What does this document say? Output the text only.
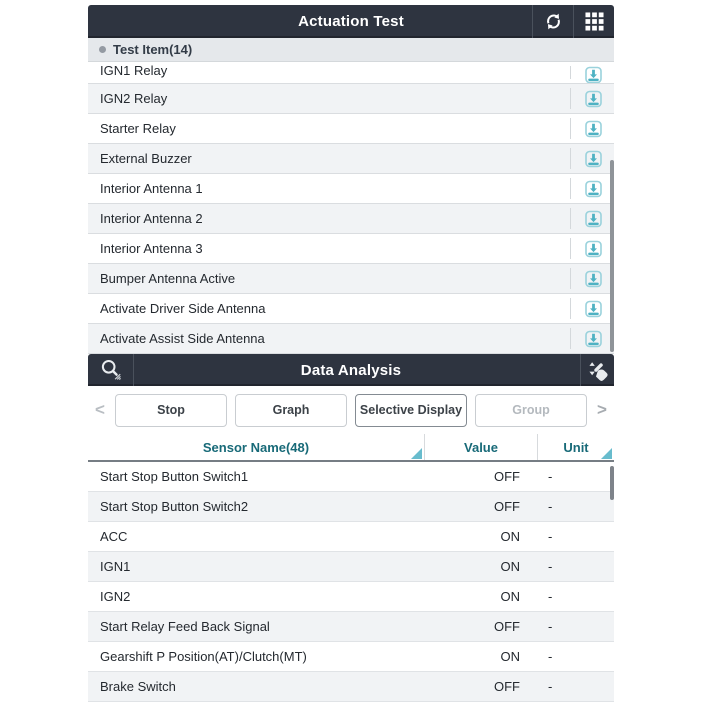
Actuation Test
Test Item(14)
IGN1 Relay
IGN2 Relay
Starter Relay
External Buzzer
Interior Antenna 1
Interior Antenna 2
Interior Antenna 3
Bumper Antenna Active
Activate Driver Side Antenna
Activate Assist Side Antenna
Data Analysis
<	Stop	Graph	Selective Display	Group	>
Sensor Name(48)	Value	Unit
Start Stop Button Switch1	OFF	-
Start Stop Button Switch2	OFF	-
ACC	ON	-
IGN1	ON	-
IGN2	ON	-
Start Relay Feed Back Signal	OFF	-
Gearshift P Position(AT)/Clutch(MT)	ON	-
Brake Switch	OFF	-
